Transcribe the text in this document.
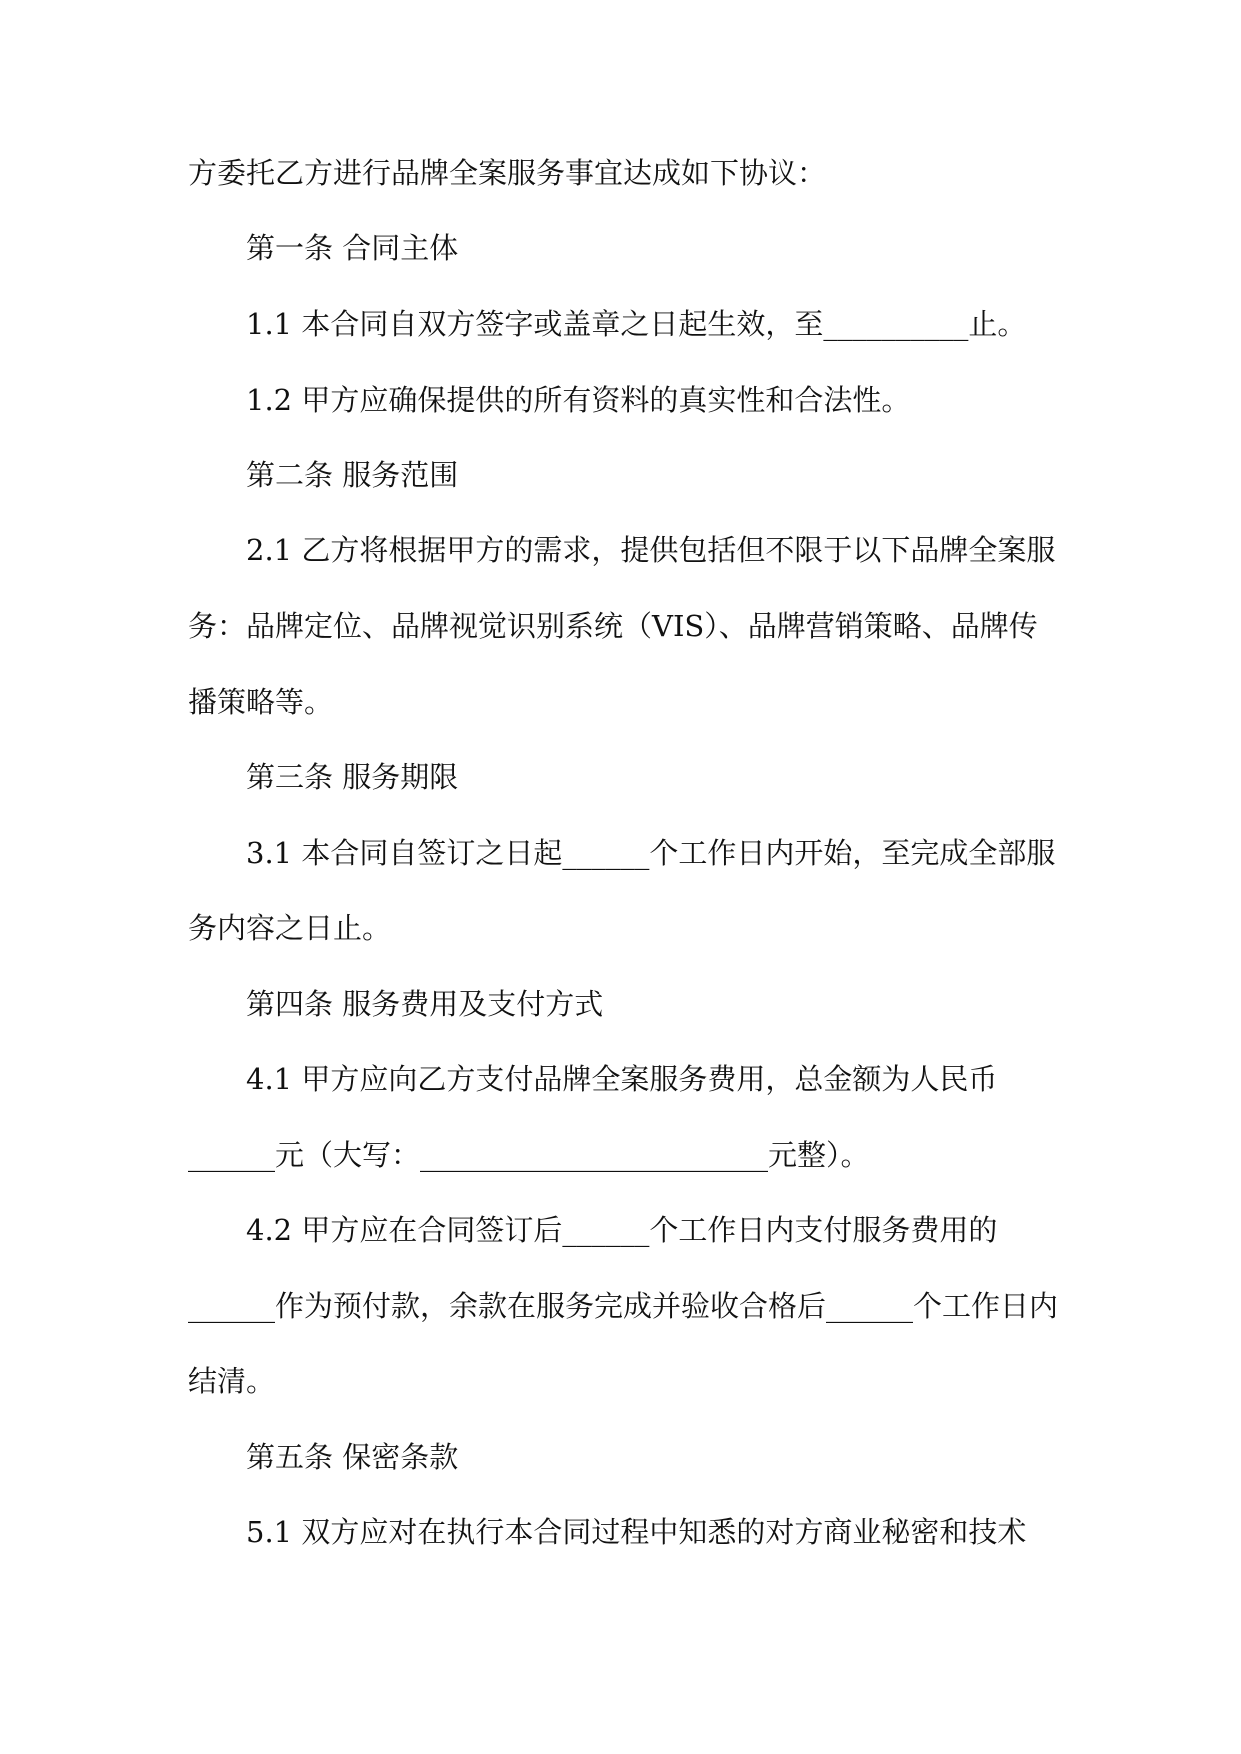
方委托乙方进行品牌全案服务事宜达成如下协议：
第一条 合同主体
1.1 本合同自双方签字或盖章之日起生效，至__________止。
1.2 甲方应确保提供的所有资料的真实性和合法性。
第二条 服务范围
2.1 乙方将根据甲方的需求，提供包括但不限于以下品牌全案服
务：品牌定位、品牌视觉识别系统（VIS）、品牌营销策略、品牌传
播策略等。
第三条 服务期限
3.1 本合同自签订之日起______个工作日内开始，至完成全部服
务内容之日止。
第四条 服务费用及支付方式
4.1 甲方应向乙方支付品牌全案服务费用，总金额为人民币
______元（大写：________________________元整）。
4.2 甲方应在合同签订后______个工作日内支付服务费用的
______作为预付款，余款在服务完成并验收合格后______个工作日内
结清。
第五条 保密条款
5.1 双方应对在执行本合同过程中知悉的对方商业秘密和技术
